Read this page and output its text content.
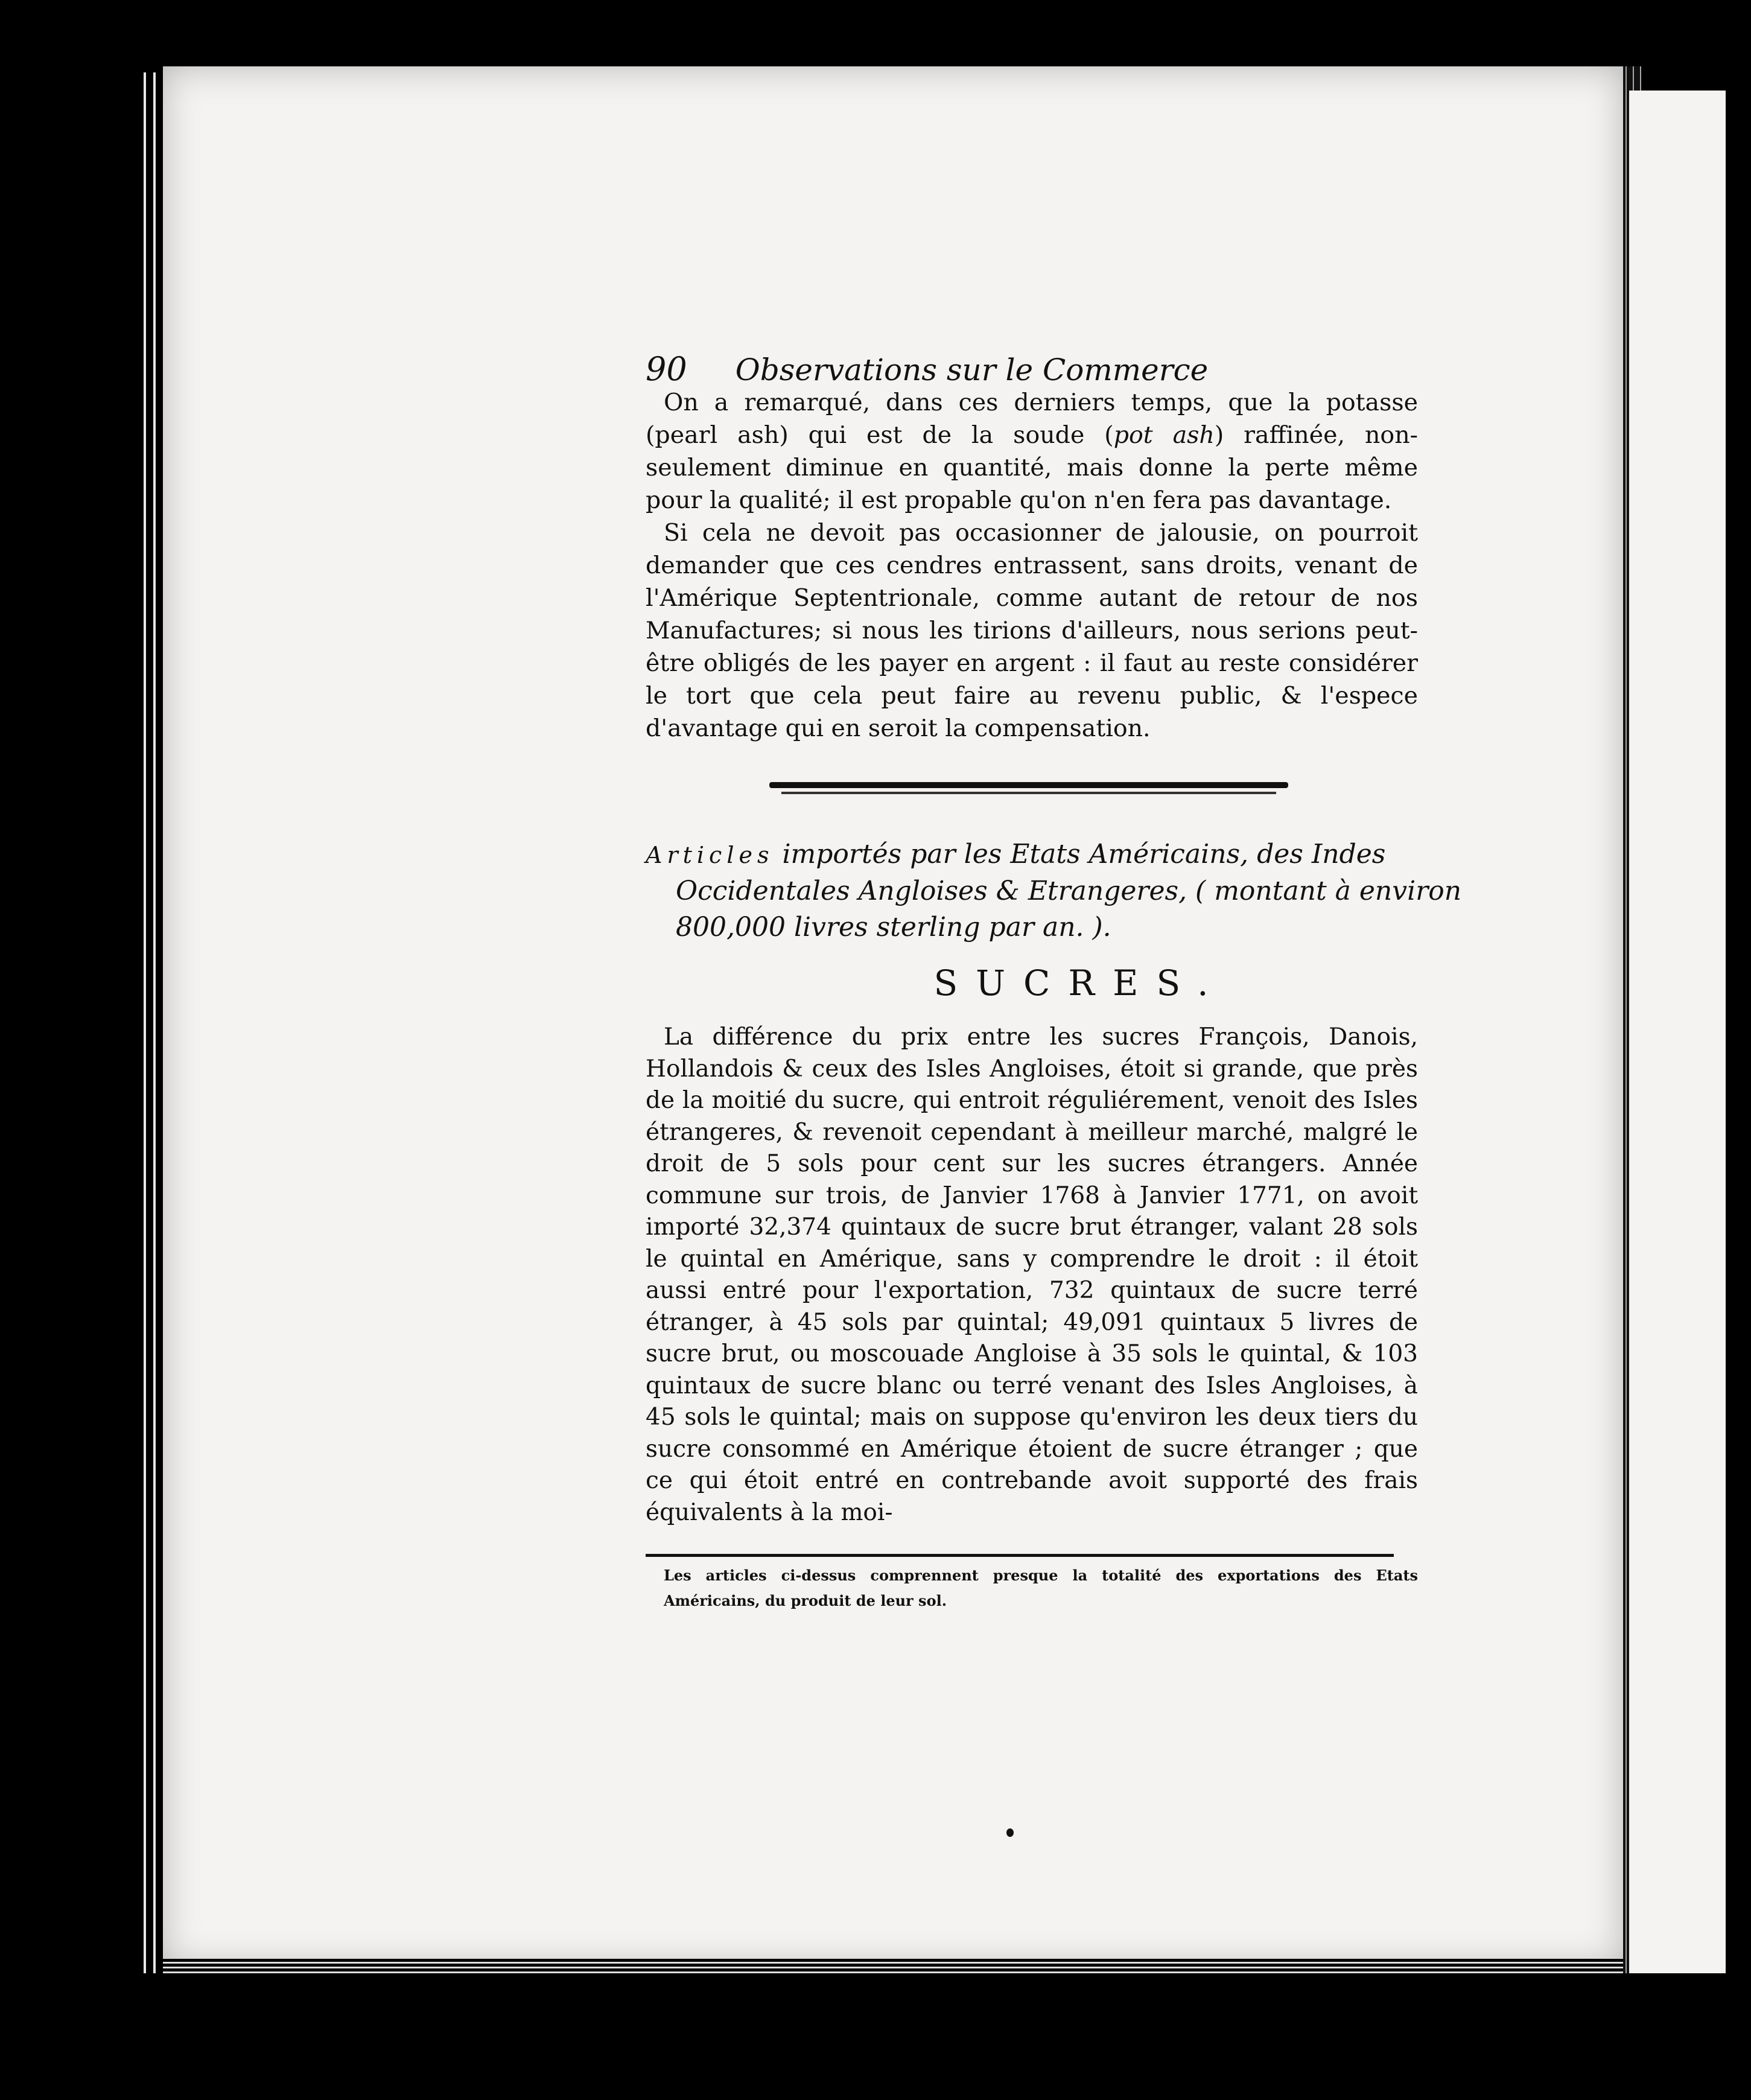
90 Observations sur le Commerce

On a remarqué, dans ces derniers temps, que la potasse (pearl ash) qui est de la soude (pot ash) raffinée, non-seulement diminue en quantité, mais donne la perte même pour la qualité; il est propable qu'on n'en fera pas davantage.

Si cela ne devoit pas occasionner de jalousie, on pourroit demander que ces cendres entrassent, sans droits, venant de l'Amérique Septentrionale, comme autant de retour de nos Manufactures; si nous les tirions d'ailleurs, nous serions peut-être obligés de les payer en argent : il faut au reste considérer le tort que cela peut faire au revenu public, & l'espece d'avantage qui en seroit la compensation.

Articles importés par les Etats Américains, des Indes
Occidentales Angloises & Etrangeres, ( montant à environ
800,000 livres sterling par an. ).
SUCRES.

La différence du prix entre les sucres François, Danois, Hollandois & ceux des Isles Angloises, étoit si grande, que près de la moitié du sucre, qui entroit réguliérement, venoit des Isles étrangeres, & revenoit cependant à meilleur marché, malgré le droit de 5 sols pour cent sur les sucres étrangers. Année commune sur trois, de Janvier 1768 à Janvier 1771, on avoit importé 32,374 quintaux de sucre brut étranger, valant 28 sols le quintal en Amérique, sans y comprendre le droit : il étoit aussi entré pour l'exportation, 732 quintaux de sucre terré étranger, à 45 sols par quintal; 49,091 quintaux 5 livres de sucre brut, ou moscouade Angloise à 35 sols le quintal, & 103 quintaux de sucre blanc ou terré venant des Isles Angloises, à 45 sols le quintal; mais on suppose qu'environ les deux tiers du sucre consommé en Amérique étoient de sucre étranger ; que ce qui étoit entré en contrebande avoit supporté des frais équivalents à la moi-

Les articles ci-dessus comprennent presque la totalité des exportations des Etats Américains, du produit de leur sol.
